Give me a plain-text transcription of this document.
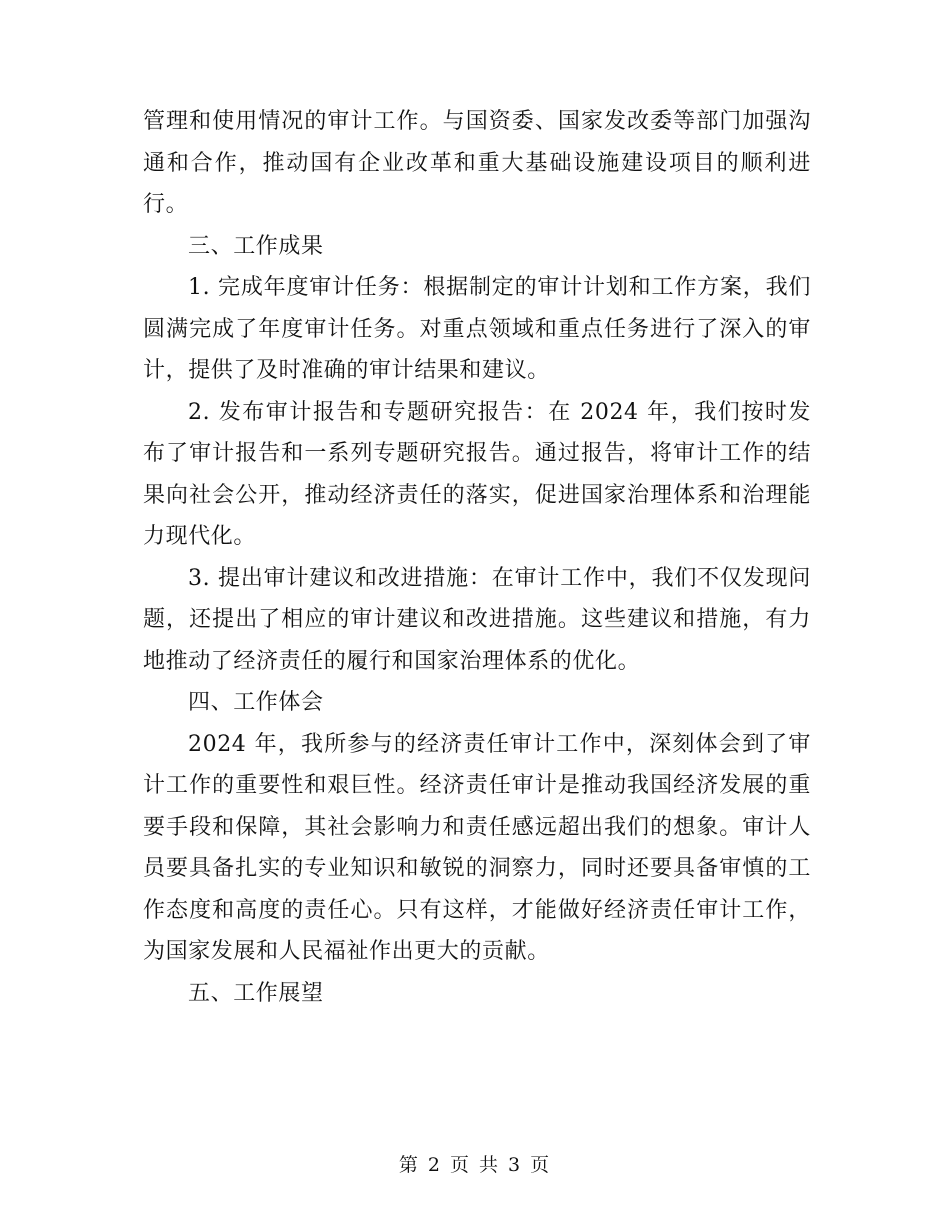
管理和使用情况的审计工作。与国资委、国家发改委等部门加强沟通和合作，推动国有企业改革和重大基础设施建设项目的顺利进行。

三、工作成果

1. 完成年度审计任务：根据制定的审计计划和工作方案，我们圆满完成了年度审计任务。对重点领域和重点任务进行了深入的审计，提供了及时准确的审计结果和建议。

2. 发布审计报告和专题研究报告：在 2024 年，我们按时发布了审计报告和一系列专题研究报告。通过报告，将审计工作的结果向社会公开，推动经济责任的落实，促进国家治理体系和治理能力现代化。

3. 提出审计建议和改进措施：在审计工作中，我们不仅发现问题，还提出了相应的审计建议和改进措施。这些建议和措施，有力地推动了经济责任的履行和国家治理体系的优化。

四、工作体会

2024 年，我所参与的经济责任审计工作中，深刻体会到了审计工作的重要性和艰巨性。经济责任审计是推动我国经济发展的重要手段和保障，其社会影响力和责任感远超出我们的想象。审计人员要具备扎实的专业知识和敏锐的洞察力，同时还要具备审慎的工作态度和高度的责任心。只有这样，才能做好经济责任审计工作，为国家发展和人民福祉作出更大的贡献。

五、工作展望

第 2 页 共 3 页
